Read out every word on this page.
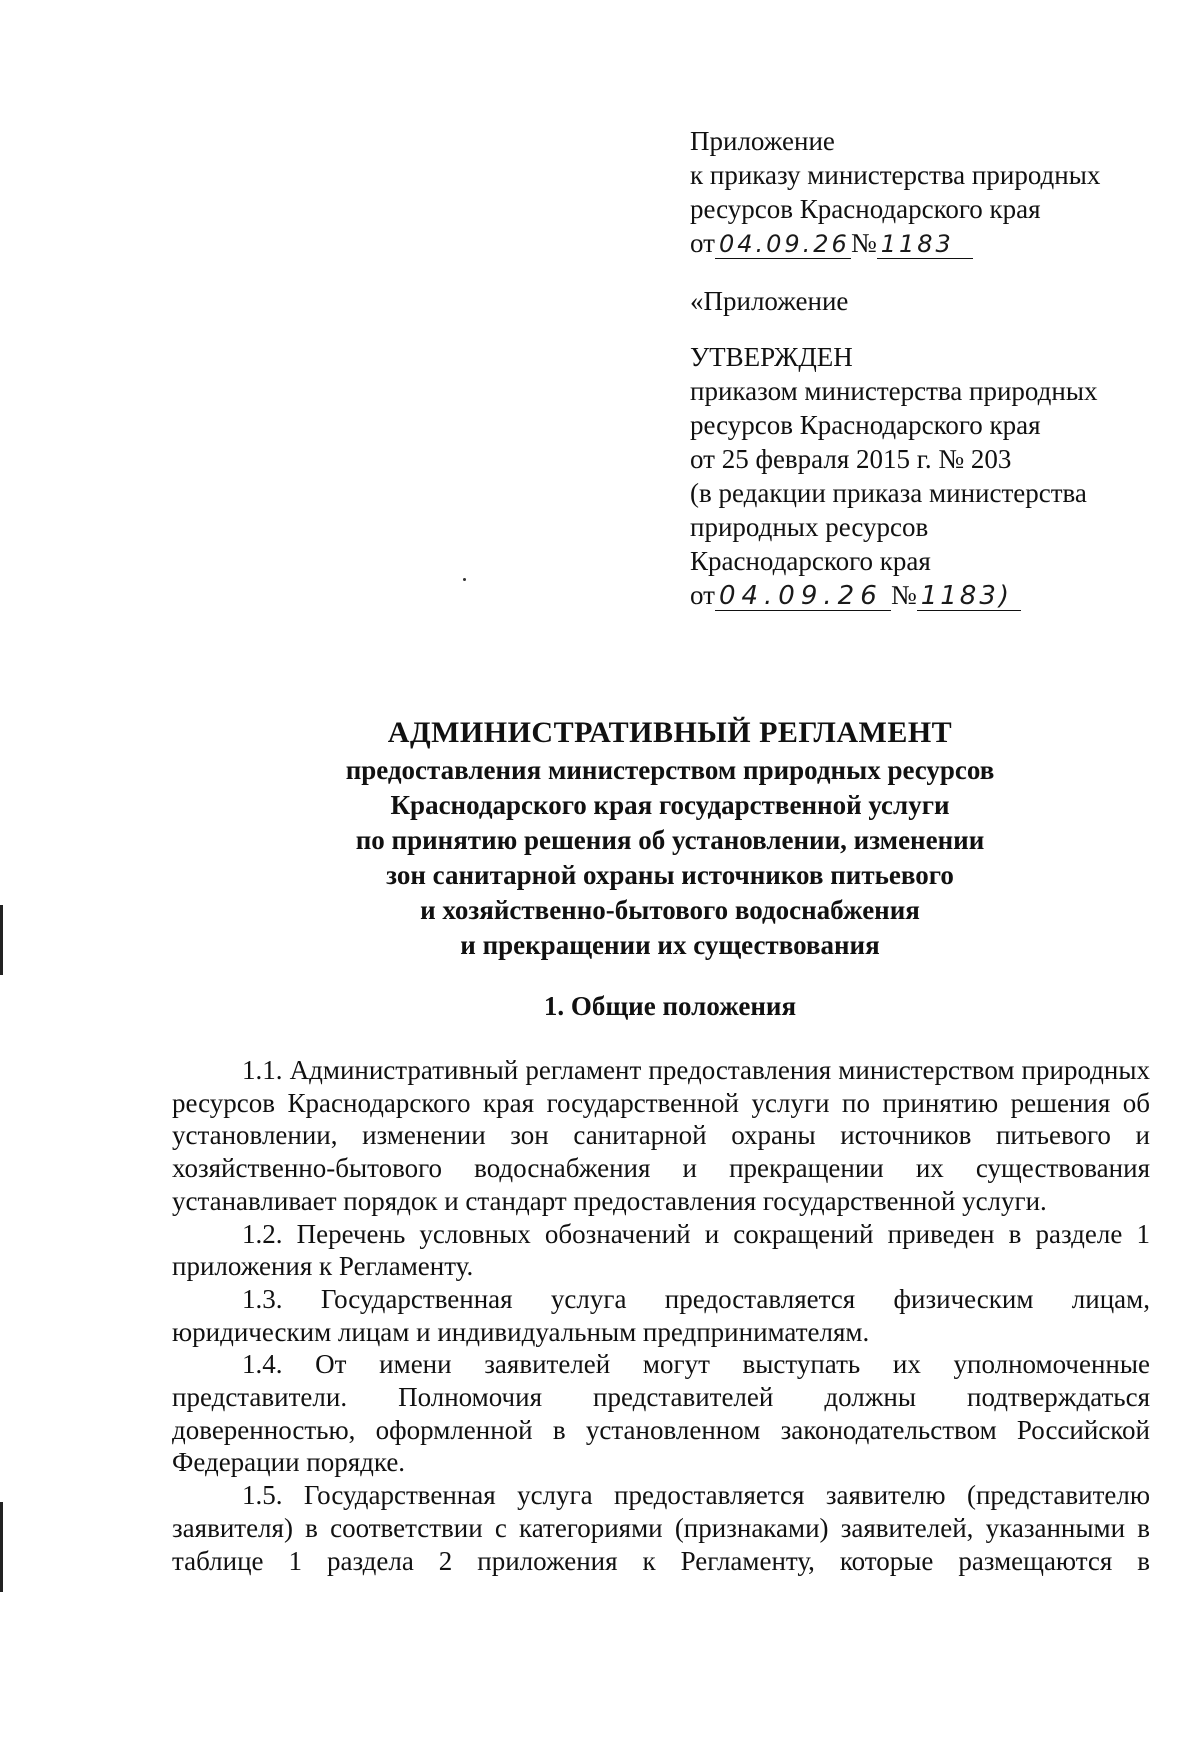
Приложение
к приказу министерства природных
ресурсов Краснодарского края
от 04.09.26№ 1183
«Приложение
УТВЕРЖДЕН
приказом министерства природных
ресурсов Краснодарского края
от 25 февраля 2015 г. № 203
(в редакции приказа министерства
природных ресурсов
Краснодарского края
от 04.09.26 № 1183)
АДМИНИСТРАТИВНЫЙ РЕГЛАМЕНТ
предоставления министерством природных ресурсов
Краснодарского края государственной услуги
по принятию решения об установлении, изменении
зон санитарной охраны источников питьевого
и хозяйственно-бытового водоснабжения
и прекращении их существования
1. Общие положения

1.1. Административный регламент предоставления министерством природных ресурсов Краснодарского края государственной услуги по принятию решения об установлении, изменении зон санитарной охраны источников питьевого и хозяйственно-бытового водоснабжения и прекращении их существования устанавливает порядок и стандарт предоставления государственной услуги.

1.2. Перечень условных обозначений и сокращений приведен в разделе 1 приложения к Регламенту.

1.3. Государственная услуга предоставляется физическим лицам, юридическим лицам и индивидуальным предпринимателям.

1.4. От имени заявителей могут выступать их уполномоченные представители. Полномочия представителей должны подтверждаться доверенностью, оформленной в установленном законодательством Российской Федерации порядке.

1.5. Государственная услуга предоставляется заявителю (представителю заявителя) в соответствии с категориями (признаками) заявителей, указанными в таблице 1 раздела 2 приложения к Регламенту, которые размещаются в
